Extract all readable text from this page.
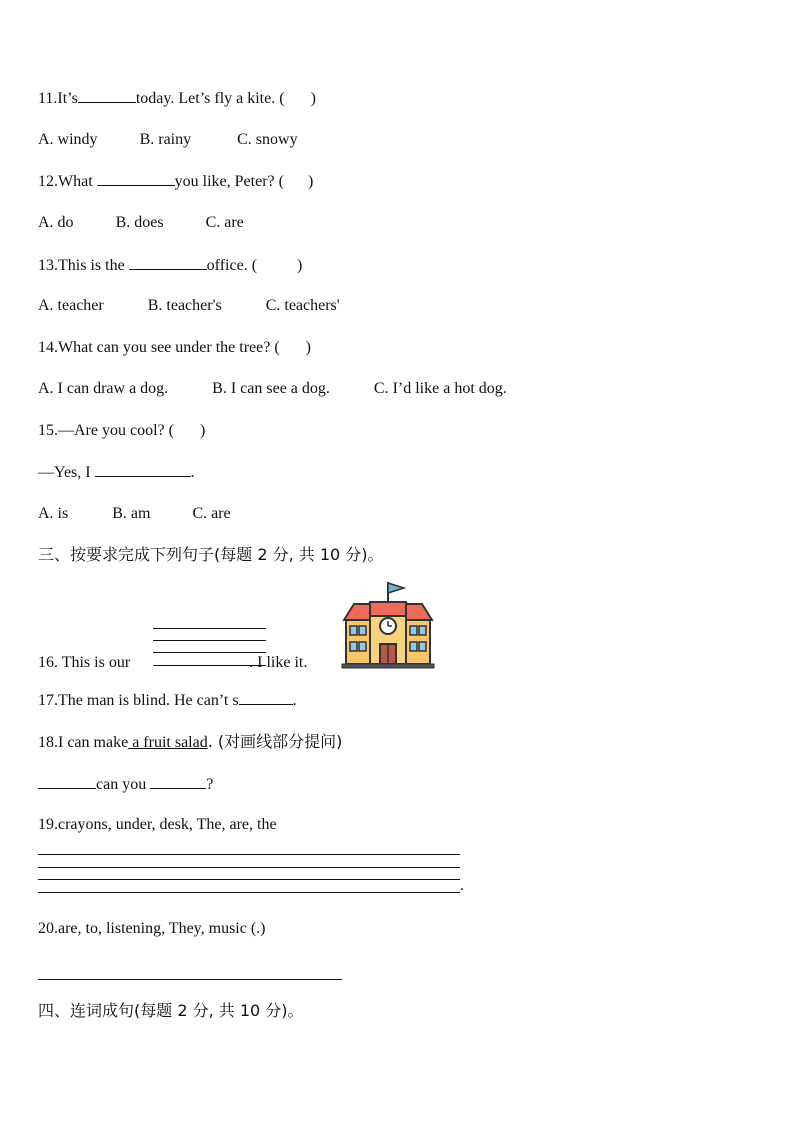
11.It’s	today. Let’s fly a kite. ( )
A. windy	B. rainy	C. snowy
12.What	you like, Peter? ( )
A. do	B. does	C. are
13.This is the	office. (	)
A. teacher	B. teacher's	C. teachers'
14.What can you see under the tree? ( )
A. I can draw a dog.	B. I can see a dog.	C. I’d like a hot dog.
15.—Are you cool? ( )
—Yes, I	.
A. is	B. am	C. are
三、按要求完成下列句子(每题 2 分, 共 10 分)。
16. This is our	. I like it.
17.The man is blind. He can’t s	.
18.I can make a fruit salad. (对画线部分提问)
can you	?
19.crayons, under, desk, The, are, the
.
20.are, to, listening, They, music (.)
四、连词成句(每题 2 分, 共 10 分)。
